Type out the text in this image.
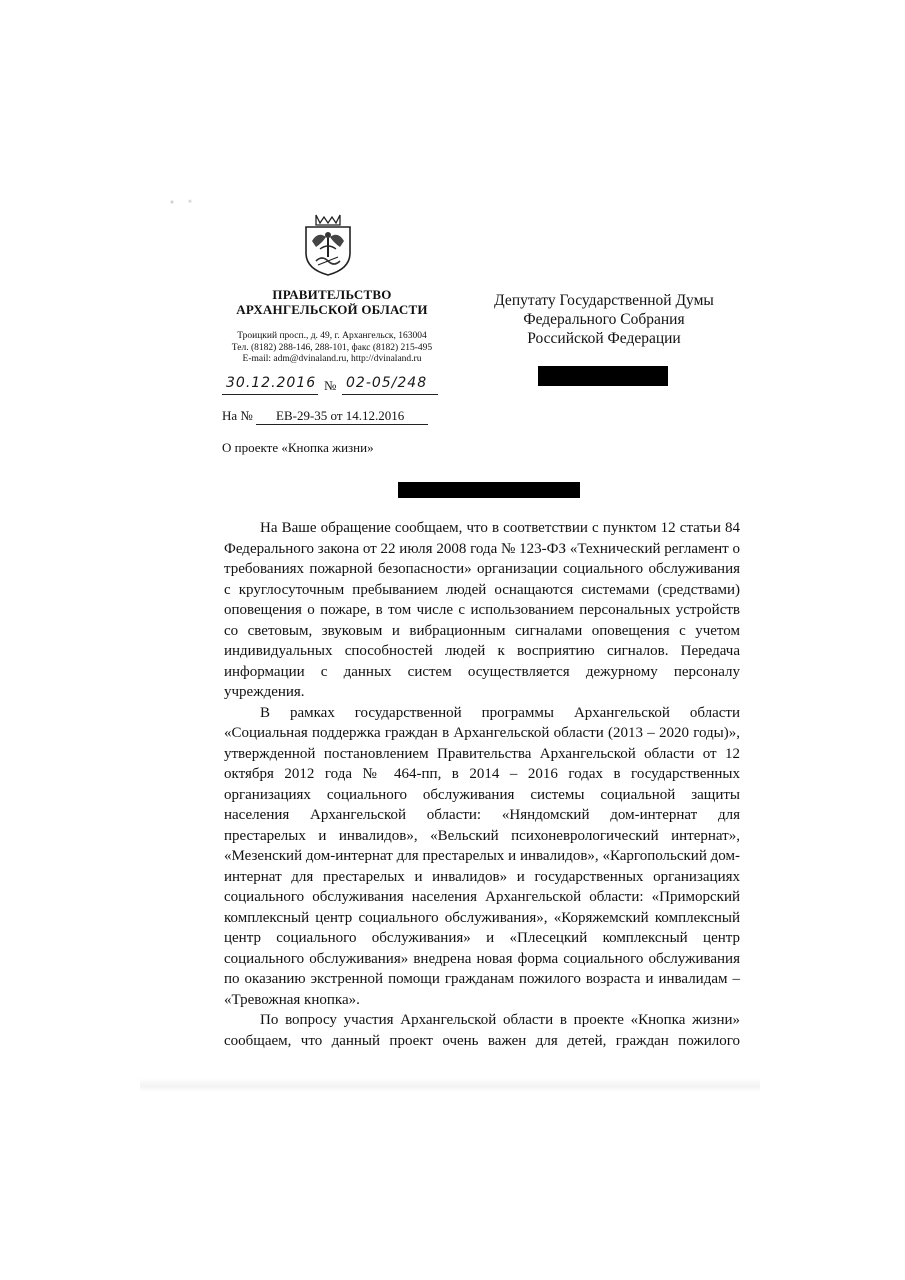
ПРАВИТЕЛЬСТВО
АРХАНГЕЛЬСКОЙ ОБЛАСТИ
Троицкий просп., д. 49, г. Архангельск, 163004
Тел. (8182) 288-146, 288-101, факс (8182) 215-495
E-mail: adm@dvinaland.ru, http://dvinaland.ru
30.12.2016 № 02-05/248
На № ЕВ-29-35 от 14.12.2016
О проекте «Кнопка жизни»
Депутату Государственной Думы
Федерального Собрания
Российской Федерации

На Ваше обращение сообщаем, что в соответствии с пунктом 12 статьи 84 Федерального закона от 22 июля 2008 года № 123-ФЗ «Технический регламент о требованиях пожарной безопасности» организации социального обслуживания с круглосуточным пребыванием людей оснащаются системами (средствами) оповещения о пожаре, в том числе с использованием персональных устройств со световым, звуковым и вибрационным сигналами оповещения с учетом индивидуальных способностей людей к восприятию сигналов. Передача информации с данных систем осуществляется дежурному персоналу учреждения.

В рамках государственной программы Архангельской области «Социальная поддержка граждан в Архангельской области (2013 – 2020 годы)», утвержденной постановлением Правительства Архангельской области от 12 октября 2012 года № 464-пп, в 2014 – 2016 годах в государственных организациях социального обслуживания системы социальной защиты населения Архангельской области: «Няндомский дом-интернат для престарелых и инвалидов», «Вельский психоневрологический интернат», «Мезенский дом-интернат для престарелых и инвалидов», «Каргопольский дом-интернат для престарелых и инвалидов» и государственных организациях социального обслуживания населения Архангельской области: «Приморский комплексный центр социального обслуживания», «Коряжемский комплексный центр социального обслуживания» и «Плесецкий комплексный центр социального обслуживания» внедрена новая форма социального обслуживания по оказанию экстренной помощи гражданам пожилого возраста и инвалидам – «Тревожная кнопка».

По вопросу участия Архангельской области в проекте «Кнопка жизни» сообщаем, что данный проект очень важен для детей, граждан пожилого
